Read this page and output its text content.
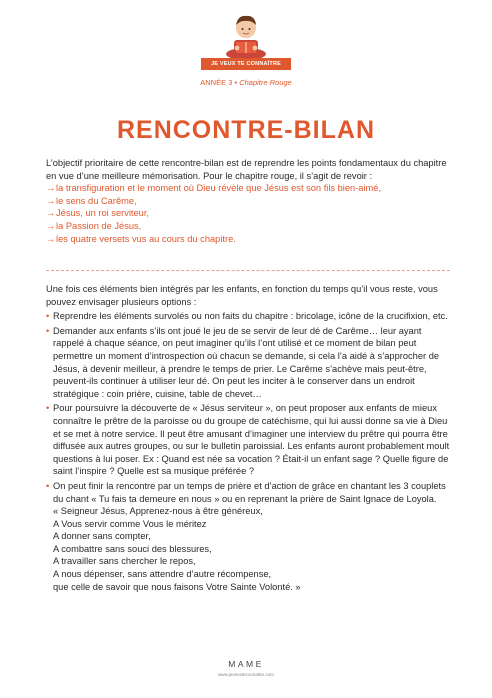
JE VEUX TE CONNAÎTRE
ANNÉE 3 • Chapitre Rouge
RENCONTRE-BILAN
L’objectif prioritaire de cette rencontre-bilan est de reprendre les points fondamentaux du chapitre en vue d’une meilleure mémorisation. Pour le chapitre rouge, il s’agit de revoir :
→la transfiguration et le moment où Dieu révèle que Jésus est son fils bien-aimé,
→le sens du Carême,
→Jésus, un roi serviteur,
→la Passion de Jésus,
→les quatre versets vus au cours du chapitre.
Une fois ces éléments bien intégrés par les enfants, en fonction du temps qu’il vous reste, vous pouvez envisager plusieurs options :
• Reprendre les éléments survolés ou non faits du chapitre : bricolage, icône de la crucifixion, etc.
• Demander aux enfants s’ils ont joué le jeu de se servir de leur dé de Carême… leur ayant rappelé à chaque séance, on peut imaginer qu’ils l’ont utilisé et ce moment de bilan peut permettre un moment d’introspection où chacun se demande, si cela l’a aidé à s’approcher de Jésus, à devenir meilleur, à prendre le temps de prier. Le Carême s’achève mais peut-être, peuvent-ils continuer à utiliser leur dé. On peut les inciter à le conserver dans un endroit stratégique : coin prière, cuisine, table de chevet…
• Pour poursuivre la découverte de « Jésus serviteur », on peut proposer aux enfants de mieux connaître le prêtre de la paroisse ou du groupe de catéchisme, qui lui aussi donne sa vie à Dieu et se met à notre service. Il peut être amusant d’imaginer une interview du prêtre qui pourra être diffusée aux autres groupes, ou sur le bulletin paroissial. Les enfants auront probablement moult questions à lui poser. Ex : Quand est née sa vocation ? Était-il un enfant sage ? Quelle figure de saint l’inspire ? Quelle est sa musique préférée ?
• On peut finir la rencontre par un temps de prière et d’action de grâce en chantant les 3 couplets du chant « Tu fais ta demeure en nous » ou en reprenant la prière de Saint Ignace de Loyola.
« Seigneur Jésus, Apprenez-nous à être généreux,
A Vous servir comme Vous le méritez
A donner sans compter,
A combattre sans souci des blessures,
A travailler sans chercher le repos,
A nous dépenser, sans attendre d’autre récompense,
que celle de savoir que nous faisons Votre Sainte Volonté. »
MAME
www.jeveuxteconnaitre.com
